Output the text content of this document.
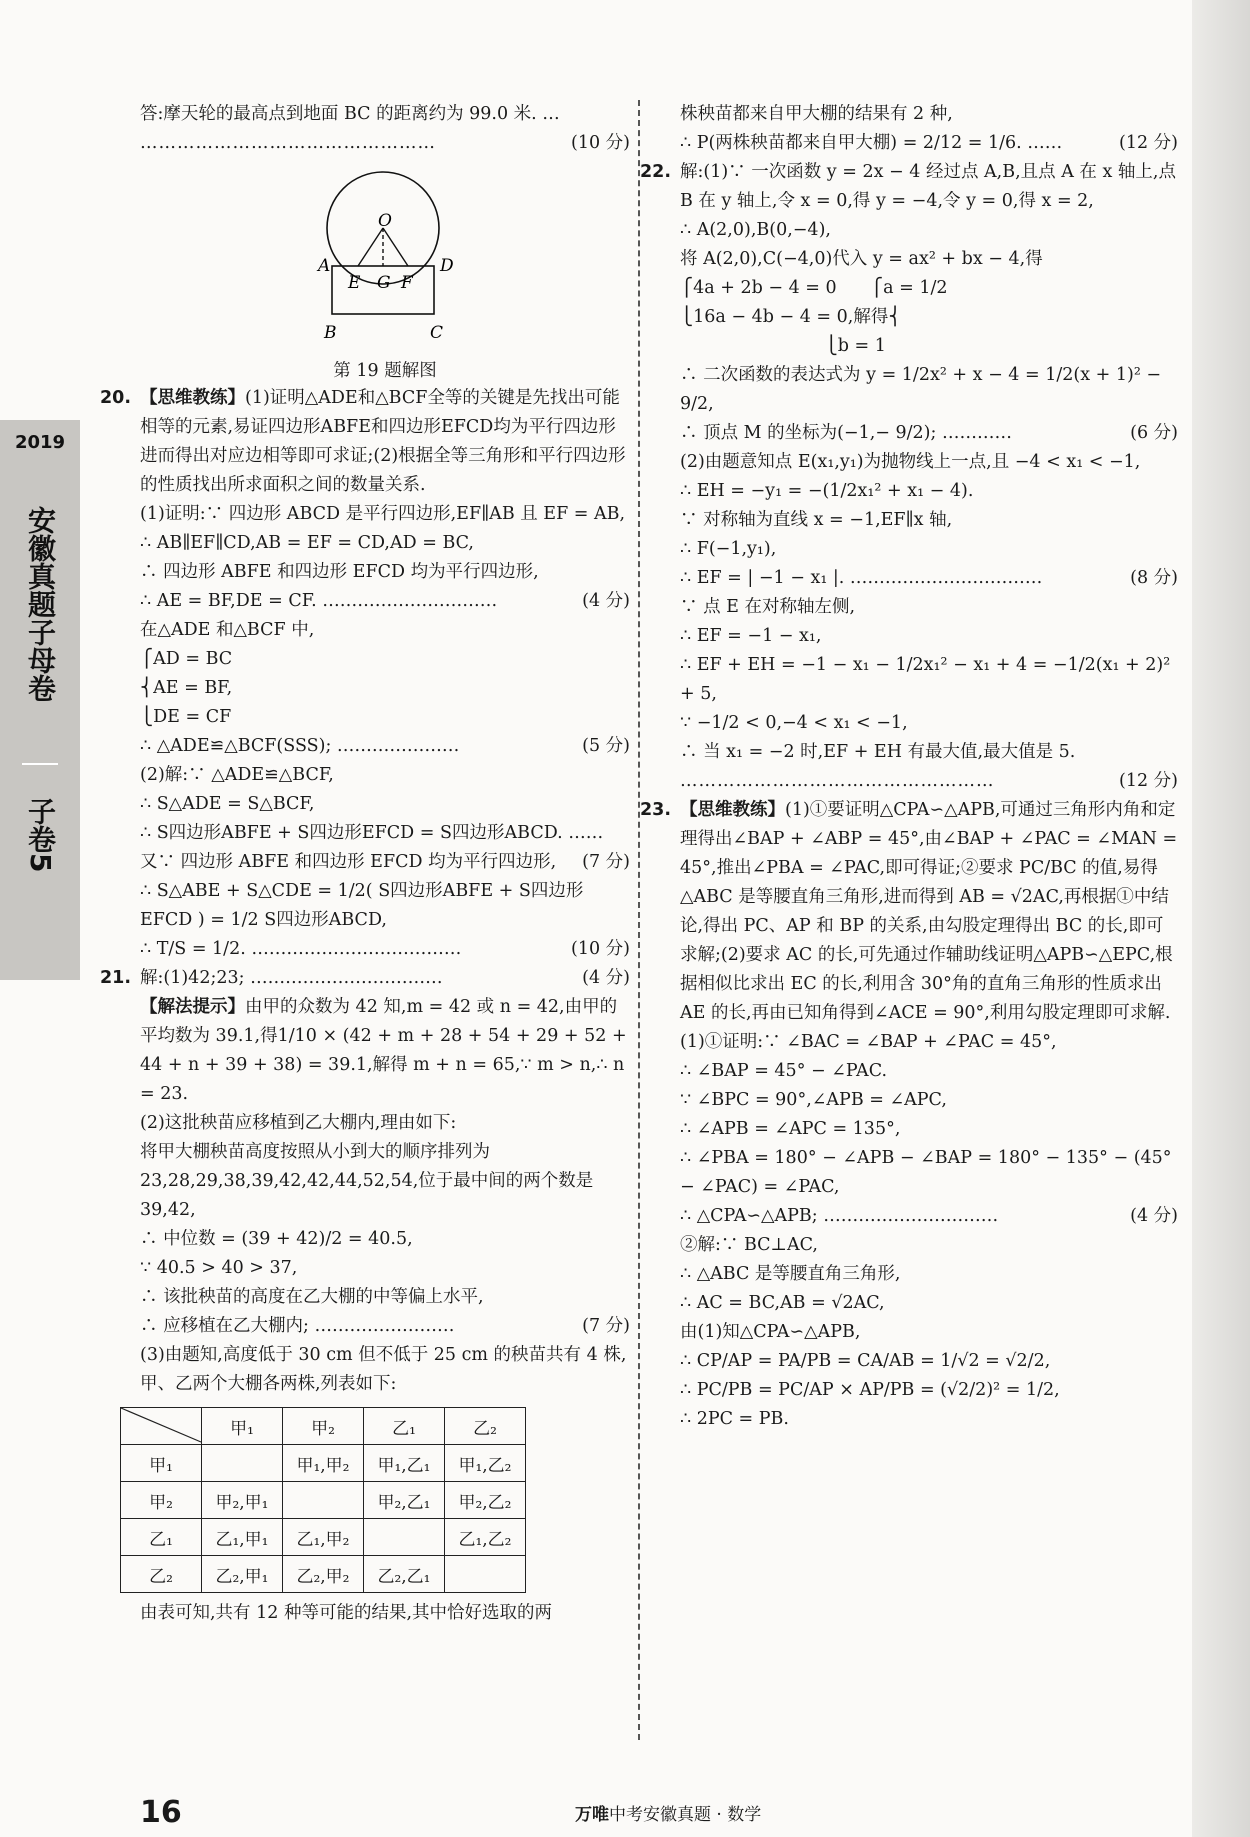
2019
安徽真题子母卷
子卷5
答:摩天轮的最高点到地面 BC 的距离约为 99.0 米. …
…………………………………………	(10 分)
O
A	D
E G F
B	C
第 19 题解图
20. 【思维教练】(1)证明△ADE和△BCF全等的关键是先找出可能相等的元素,易证四边形ABFE和四边形EFCD均为平行四边形进而得出对应边相等即可求证;(2)根据全等三角形和平行四边形的性质找出所求面积之间的数量关系.
(1)证明:∵ 四边形 ABCD 是平行四边形,EF∥AB 且 EF = AB,
∴ AB∥EF∥CD,AB = EF = CD,AD = BC,
∴ 四边形 ABFE 和四边形 EFCD 均为平行四边形,
∴ AE = BF,DE = CF. …………………………	(4 分)
在△ADE 和△BCF 中,
⎧AD = BC
⎨AE = BF,
⎩DE = CF
∴ △ADE≌△BCF(SSS); …………………	(5 分)
(2)解:∵ △ADE≌△BCF,
∴ S△ADE = S△BCF,
∴ S四边形ABFE + S四边形EFCD = S四边形ABCD. ……
(7 分)
又∵ 四边形 ABFE 和四边形 EFCD 均为平行四边形,
∴ S△ABE + S△CDE = 1/2( S四边形ABFE + S四边形EFCD ) = 1/2 S四边形ABCD,
∴ T/S = 1/2. ………………………………	(10 分)
21. 解:(1)42;23; ……………………………	(4 分)
【解法提示】由甲的众数为 42 知,m = 42 或 n = 42,由甲的平均数为 39.1,得1/10 × (42 + m + 28 + 54 + 29 + 52 + 44 + n + 39 + 38) = 39.1,解得 m + n = 65,∵ m > n,∴ n = 23.
(2)这批秧苗应移植到乙大棚内,理由如下:
将甲大棚秧苗高度按照从小到大的顺序排列为 23,28,29,38,39,42,42,44,52,54,位于最中间的两个数是 39,42,
∴ 中位数 = (39 + 42)/2 = 40.5,
∵ 40.5 > 40 > 37,
∴ 该批秧苗的高度在乙大棚的中等偏上水平,
∴ 应移植在乙大棚内; ……………………	(7 分)
(3)由题知,高度低于 30 cm 但不低于 25 cm 的秧苗共有 4 株,甲、乙两个大棚各两株,列表如下:
	甲₁	甲₂	乙₁	乙₂
甲₁		甲₁,甲₂	甲₁,乙₁	甲₁,乙₂
甲₂	甲₂,甲₁		甲₂,乙₁	甲₂,乙₂
乙₁	乙₁,甲₁	乙₁,甲₂		乙₁,乙₂
乙₂	乙₂,甲₁	乙₂,甲₂	乙₂,乙₁	
由表可知,共有 12 种等可能的结果,其中恰好选取的两
株秧苗都来自甲大棚的结果有 2 种,
∴ P(两株秧苗都来自甲大棚) = 2/12 = 1/6. ……	(12 分)
22. 解:(1)∵ 一次函数 y = 2x − 4 经过点 A,B,且点 A 在 x 轴上,点 B 在 y 轴上,令 x = 0,得 y = −4,令 y = 0,得 x = 2,
∴ A(2,0),B(0,−4),
将 A(2,0),C(−4,0)代入 y = ax² + bx − 4,得
⎧4a + 2b − 4 = 0      ⎧a = 1/2
⎩16a − 4b − 4 = 0,解得⎨
⎩b = 1
∴ 二次函数的表达式为 y = 1/2x² + x − 4 = 1/2(x + 1)² − 9/2,
∴ 顶点 M 的坐标为(−1,− 9/2); …………	(6 分)
(2)由题意知点 E(x₁,y₁)为抛物线上一点,且 −4 < x₁ < −1,
∴ EH = −y₁ = −(1/2x₁² + x₁ − 4).
∵ 对称轴为直线 x = −1,EF∥x 轴,
∴ F(−1,y₁),
∴ EF = | −1 − x₁ |. ……………………………	(8 分)
∵ 点 E 在对称轴左侧,
∴ EF = −1 − x₁,
∴ EF + EH = −1 − x₁ − 1/2x₁² − x₁ + 4 = −1/2(x₁ + 2)² + 5,
∵ −1/2 < 0,−4 < x₁ < −1,
∴ 当 x₁ = −2 时,EF + EH 有最大值,最大值是 5.
……………………………………………	(12 分)
23. 【思维教练】(1)①要证明△CPA∽△APB,可通过三角形内角和定理得出∠BAP + ∠ABP = 45°,由∠BAP + ∠PAC = ∠MAN = 45°,推出∠PBA = ∠PAC,即可得证;②要求 PC/BC 的值,易得△ABC 是等腰直角三角形,进而得到 AB = √2AC,再根据①中结论,得出 PC、AP 和 BP 的关系,由勾股定理得出 BC 的长,即可求解;(2)要求 AC 的长,可先通过作辅助线证明△APB∽△EPC,根据相似比求出 EC 的长,利用含 30°角的直角三角形的性质求出 AE 的长,再由已知角得到∠ACE = 90°,利用勾股定理即可求解.
(1)①证明:∵ ∠BAC = ∠BAP + ∠PAC = 45°,
∴ ∠BAP = 45° − ∠PAC.
∵ ∠BPC = 90°,∠APB = ∠APC,
∴ ∠APB = ∠APC = 135°,
∴ ∠PBA = 180° − ∠APB − ∠BAP = 180° − 135° − (45° − ∠PAC) = ∠PAC,
∴ △CPA∽△APB; …………………………	(4 分)
②解:∵ BC⊥AC,
∴ △ABC 是等腰直角三角形,
∴ AC = BC,AB = √2AC,
由(1)知△CPA∽△APB,
∴ CP/AP = PA/PB = CA/AB = 1/√2 = √2/2,
∴ PC/PB = PC/AP × AP/PB = (√2/2)² = 1/2,
∴ 2PC = PB.
16	万唯中考安徽真题 · 数学
